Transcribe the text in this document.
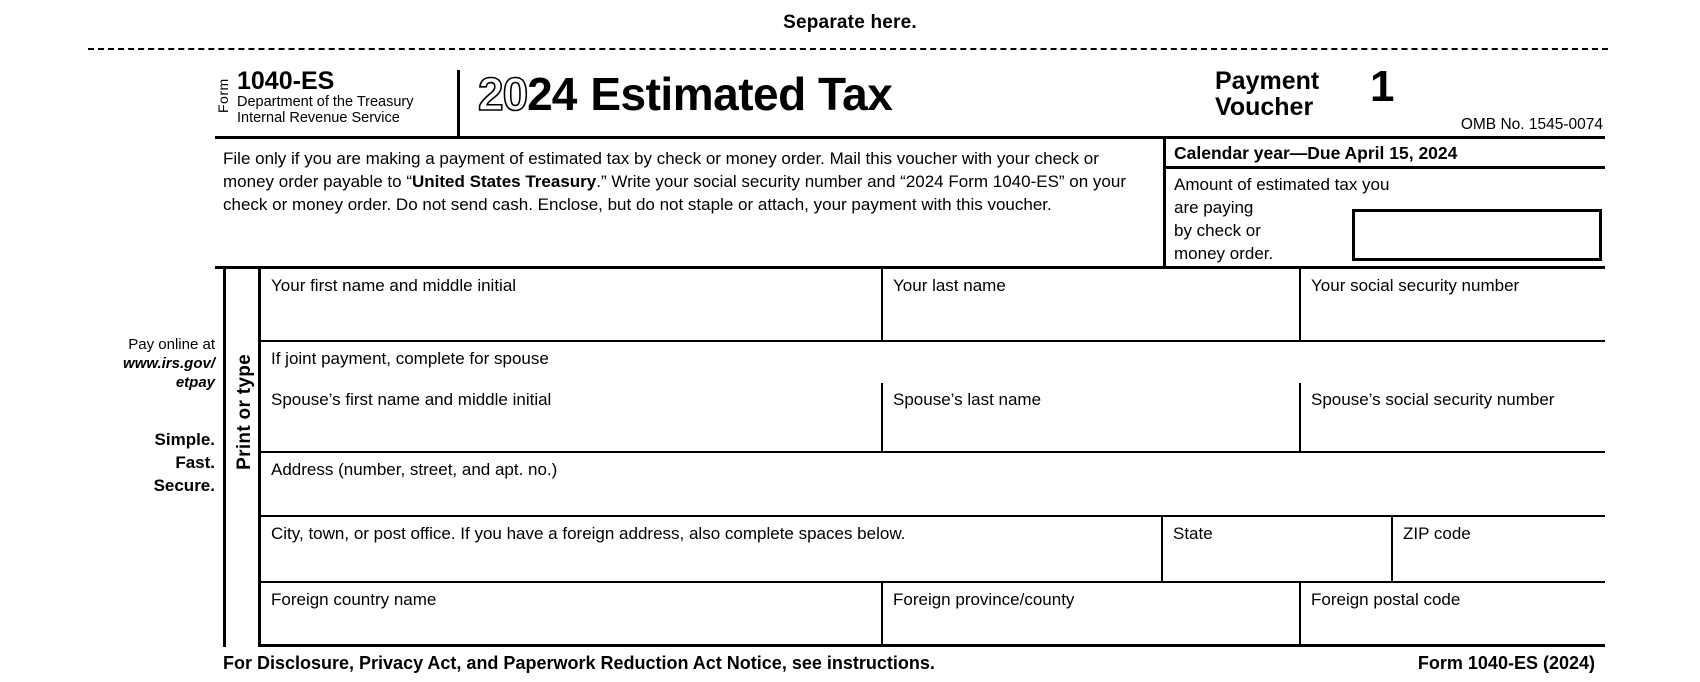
Separate here.
Form 1040-ES
Department of the Treasury
Internal Revenue Service 20 24 Estimated Tax	Payment
Voucher 1
OMB No. 1545-0074
File only if you are making a payment of estimated tax by check or money order. Mail this voucher with your check or money order payable to “United States Treasury.” Write your social security number and “2024 Form 1040-ES” on your check or money order. Do not send cash. Enclose, but do not staple or attach, your payment with this voucher.
Calendar year—Due April 15, 2024
Amount of estimated tax you are paying
by check or
money order.
Print or type
Your first name and middle initial	Your last name	Your social security number
If joint payment, complete for spouse
Spouse’s first name and middle initial	Spouse’s last name	Spouse’s social security number
Address (number, street, and apt. no.)
City, town, or post office. If you have a foreign address, also complete spaces below.	State	ZIP code
Foreign country name	Foreign province/county	Foreign postal code
For Disclosure, Privacy Act, and Paperwork Reduction Act Notice, see instructions.	Form 1040-ES (2024)
Pay online at
www.irs.gov/
etpay
Simple.
Fast.
Secure.
